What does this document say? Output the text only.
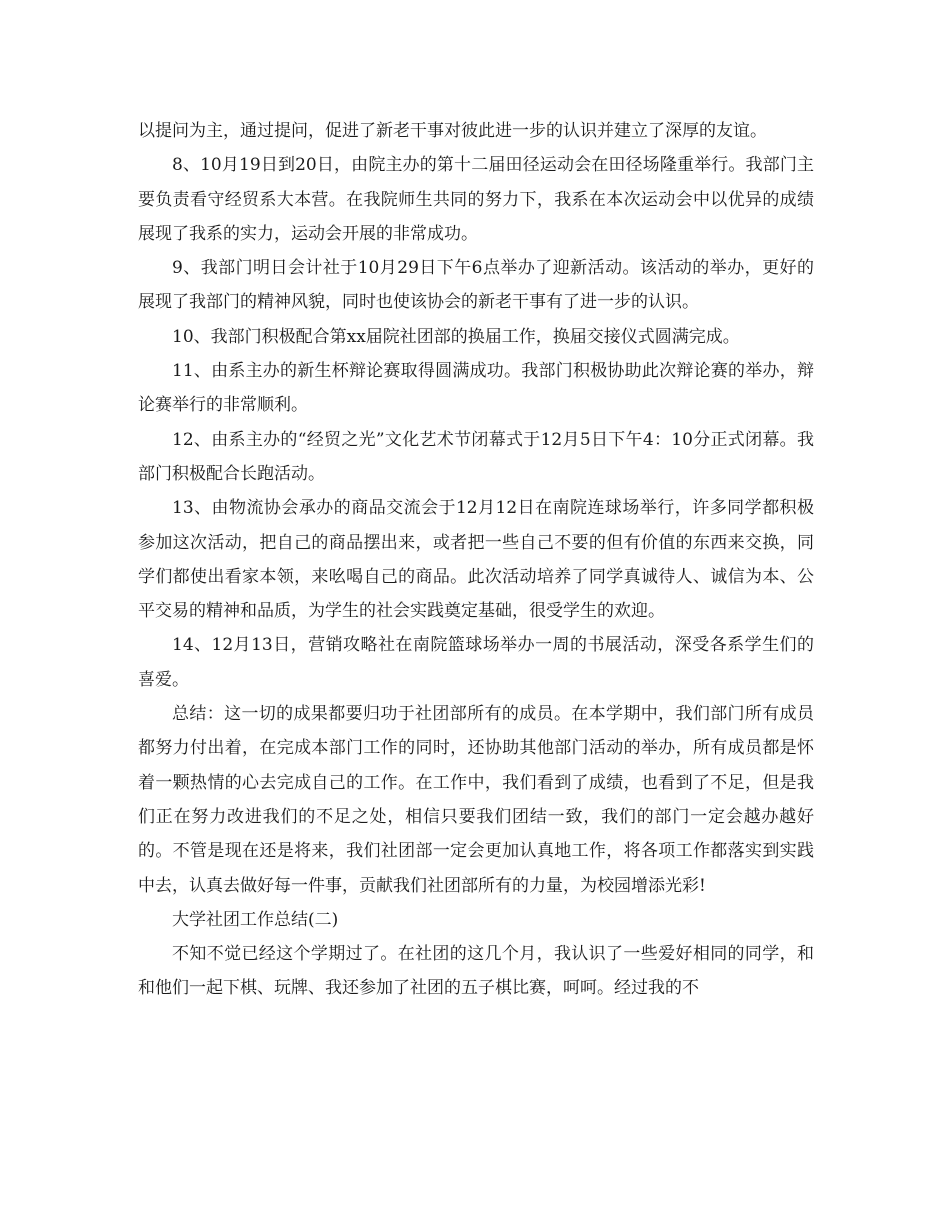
以提问为主，通过提问，促进了新老干事对彼此进一步的认识并建立了深厚的友谊。

8、10月19日到20日，由院主办的第十二届田径运动会在田径场隆重举行。我部门主要负责看守经贸系大本营。在我院师生共同的努力下，我系在本次运动会中以优异的成绩展现了我系的实力，运动会开展的非常成功。

9、我部门明日会计社于10月29日下午6点举办了迎新活动。该活动的举办，更好的展现了我部门的精神风貌，同时也使该协会的新老干事有了进一步的认识。

10、我部门积极配合第xx届院社团部的换届工作，换届交接仪式圆满完成。

11、由系主办的新生杯辩论赛取得圆满成功。我部门积极协助此次辩论赛的举办，辩论赛举行的非常顺利。

12、由系主办的“经贸之光”文化艺术节闭幕式于12月5日下午4：10分正式闭幕。我部门积极配合长跑活动。

13、由物流协会承办的商品交流会于12月12日在南院连球场举行，许多同学都积极参加这次活动，把自己的商品摆出来，或者把一些自己不要的但有价值的东西来交换，同学们都使出看家本领，来吆喝自己的商品。此次活动培养了同学真诚待人、诚信为本、公平交易的精神和品质，为学生的社会实践奠定基础，很受学生的欢迎。

14、12月13日，营销攻略社在南院篮球场举办一周的书展活动，深受各系学生们的喜爱。

总结：这一切的成果都要归功于社团部所有的成员。在本学期中，我们部门所有成员都努力付出着，在完成本部门工作的同时，还协助其他部门活动的举办，所有成员都是怀着一颗热情的心去完成自己的工作。在工作中，我们看到了成绩，也看到了不足，但是我们正在努力改进我们的不足之处，相信只要我们团结一致，我们的部门一定会越办越好的。不管是现在还是将来，我们社团部一定会更加认真地工作，将各项工作都落实到实践中去，认真去做好每一件事，贡献我们社团部所有的力量，为校园增添光彩!

大学社团工作总结(二)

不知不觉已经这个学期过了。在社团的这几个月，我认识了一些爱好相同的同学，和和他们一起下棋、玩牌、我还参加了社团的五子棋比赛，呵呵。经过我的不
